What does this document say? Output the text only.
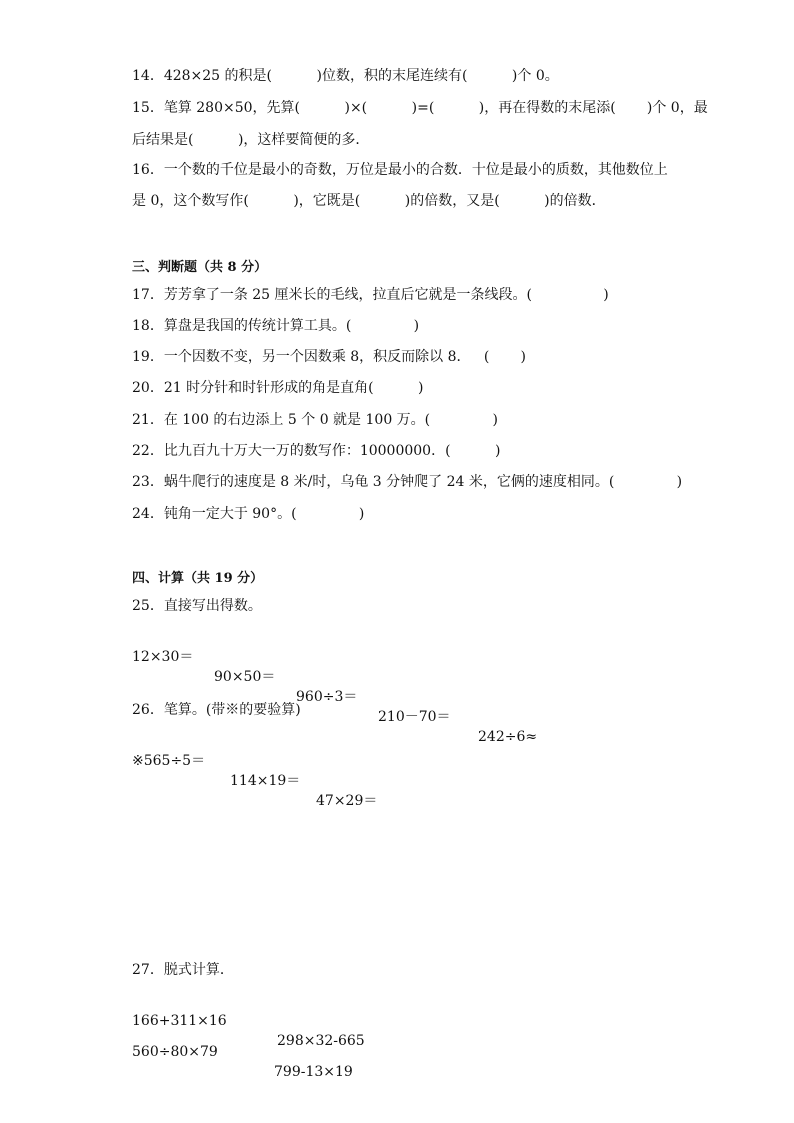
14．428×25 的积是(          )位数，积的末尾连续有(          )个 0。
15．笔算 280×50，先算(          )×(          )=(          )，再在得数的末尾添(       )个 0，最
后结果是(          )，这样要简便的多．
16．一个数的千位是最小的奇数，万位是最小的合数．十位是最小的质数，其他数位上
是 0，这个数写作(          )，它既是(          )的倍数，又是(          )的倍数．
三、判断题（共 8 分）
17．芳芳拿了一条 25 厘米长的毛线，拉直后它就是一条线段。(                )
18．算盘是我国的传统计算工具。(              )
19．一个因数不变，另一个因数乘 8，积反而除以 8．   (       )
20．21 时分针和时针形成的角是直角(          )
21．在 100 的右边添上 5 个 0 就是 100 万。(              )
22．比九百九十万大一万的数写作：10000000．(          )
23．蜗牛爬行的速度是 8 米/时，乌龟 3 分钟爬了 24 米，它俩的速度相同。(              )
24．钝角一定大于 90°。(              )
四、计算（共 19 分）
25．直接写出得数。

12×30＝

90×50＝

960÷3＝

210－70＝

242÷6≈

26．笔算。(带※的要验算)

※565÷5＝

114×19＝

47×29＝

27．脱式计算．

166+311×16

298×32-665

560÷80×79

799-13×19
